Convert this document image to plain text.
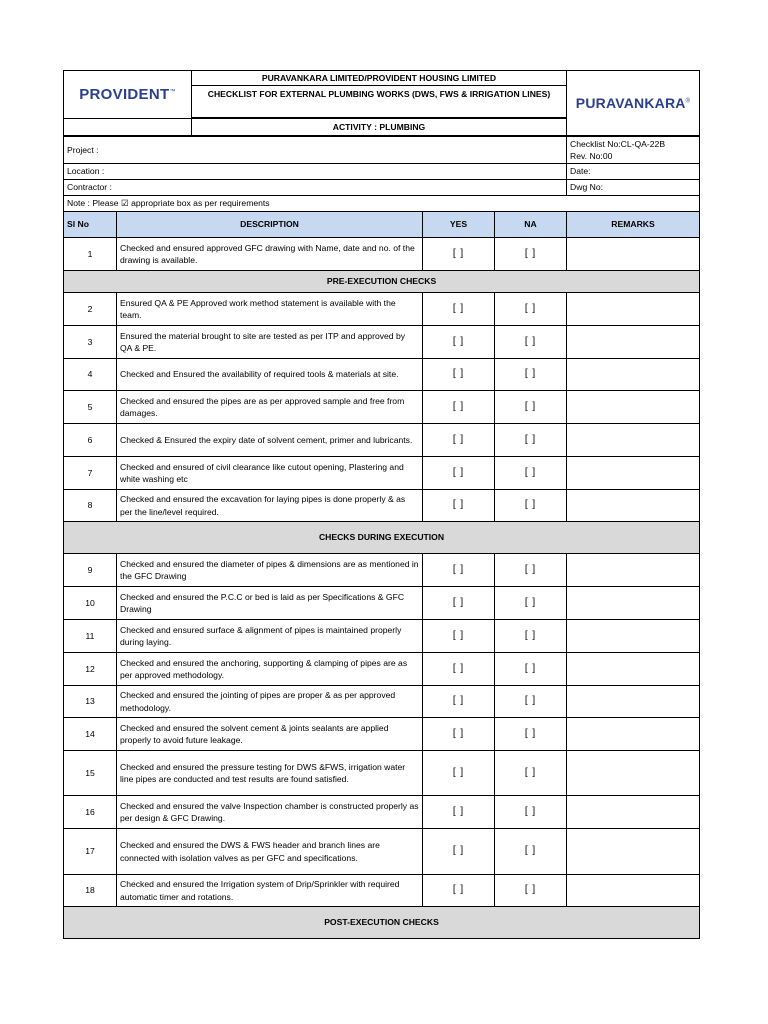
PROVIDENT™	PURAVANKARA LIMITED/PROVIDENT HOUSING LIMITED	PURAVANKARA®
	CHECKLIST FOR EXTERNAL PLUMBING WORKS (DWS, FWS & IRRIGATION LINES)	

	ACTIVITY : PLUMBING	
Project :				Checklist No:CL-QA-22B
Rev. No:00

Location :				Date:
Contractor :				Dwg No:
Note : Please ☑ appropriate box as per requirements				
Sl No	DESCRIPTION	YES	NA	REMARKS
1	Checked and ensured approved GFC drawing with Name, date and no. of the drawing is available.	[ ]	[ ]	
PRE-EXECUTION CHECKS				
2	Ensured QA & PE Approved work method statement is available with the team.	[ ]	[ ]	
3	Ensured the material brought to site are tested as per ITP and approved by QA & PE.	[ ]	[ ]	
4	Checked and Ensured the availability of required tools & materials at site.	[ ]	[ ]	
5	Checked and ensured the pipes are as per approved sample and free from damages.	[ ]	[ ]	
6	Checked & Ensured the expiry date of solvent cement, primer and lubricants.	[ ]	[ ]	
7	Checked and ensured of civil clearance like cutout opening, Plastering and white washing etc	[ ]	[ ]	
8	Checked and ensured the excavation for laying pipes is done properly & as per the line/level required.	[ ]	[ ]	
CHECKS DURING EXECUTION				
9	Checked and ensured the diameter of pipes & dimensions are as mentioned in the GFC Drawing	[ ]	[ ]	
10	Checked and ensured the P.C.C or bed is laid as per Specifications & GFC Drawing	[ ]	[ ]	
11	Checked and ensured surface & alignment of pipes is maintained properly during laying.	[ ]	[ ]	
12	Checked and ensured the anchoring, supporting & clamping of pipes are as per approved methodology.	[ ]	[ ]	
13	Checked and ensured the jointing of pipes are proper & as per approved methodology.	[ ]	[ ]	
14	Checked and ensured the solvent cement & joints sealants are applied properly to avoid future leakage.	[ ]	[ ]	
15	Checked and ensured the pressure testing for DWS &FWS, irrigation water line pipes are conducted and test results are found satisfied.	[ ]	[ ]	
16	Checked and ensured the valve Inspection chamber is constructed properly as per design & GFC Drawing.	[ ]	[ ]	
17	Checked and ensured the DWS & FWS header and branch lines are connected with isolation valves as per GFC and specifications.	[ ]	[ ]	
18	Checked and ensured the Irrigation system of Drip/Sprinkler with required automatic timer and rotations.	[ ]	[ ]	
POST-EXECUTION CHECKS				
